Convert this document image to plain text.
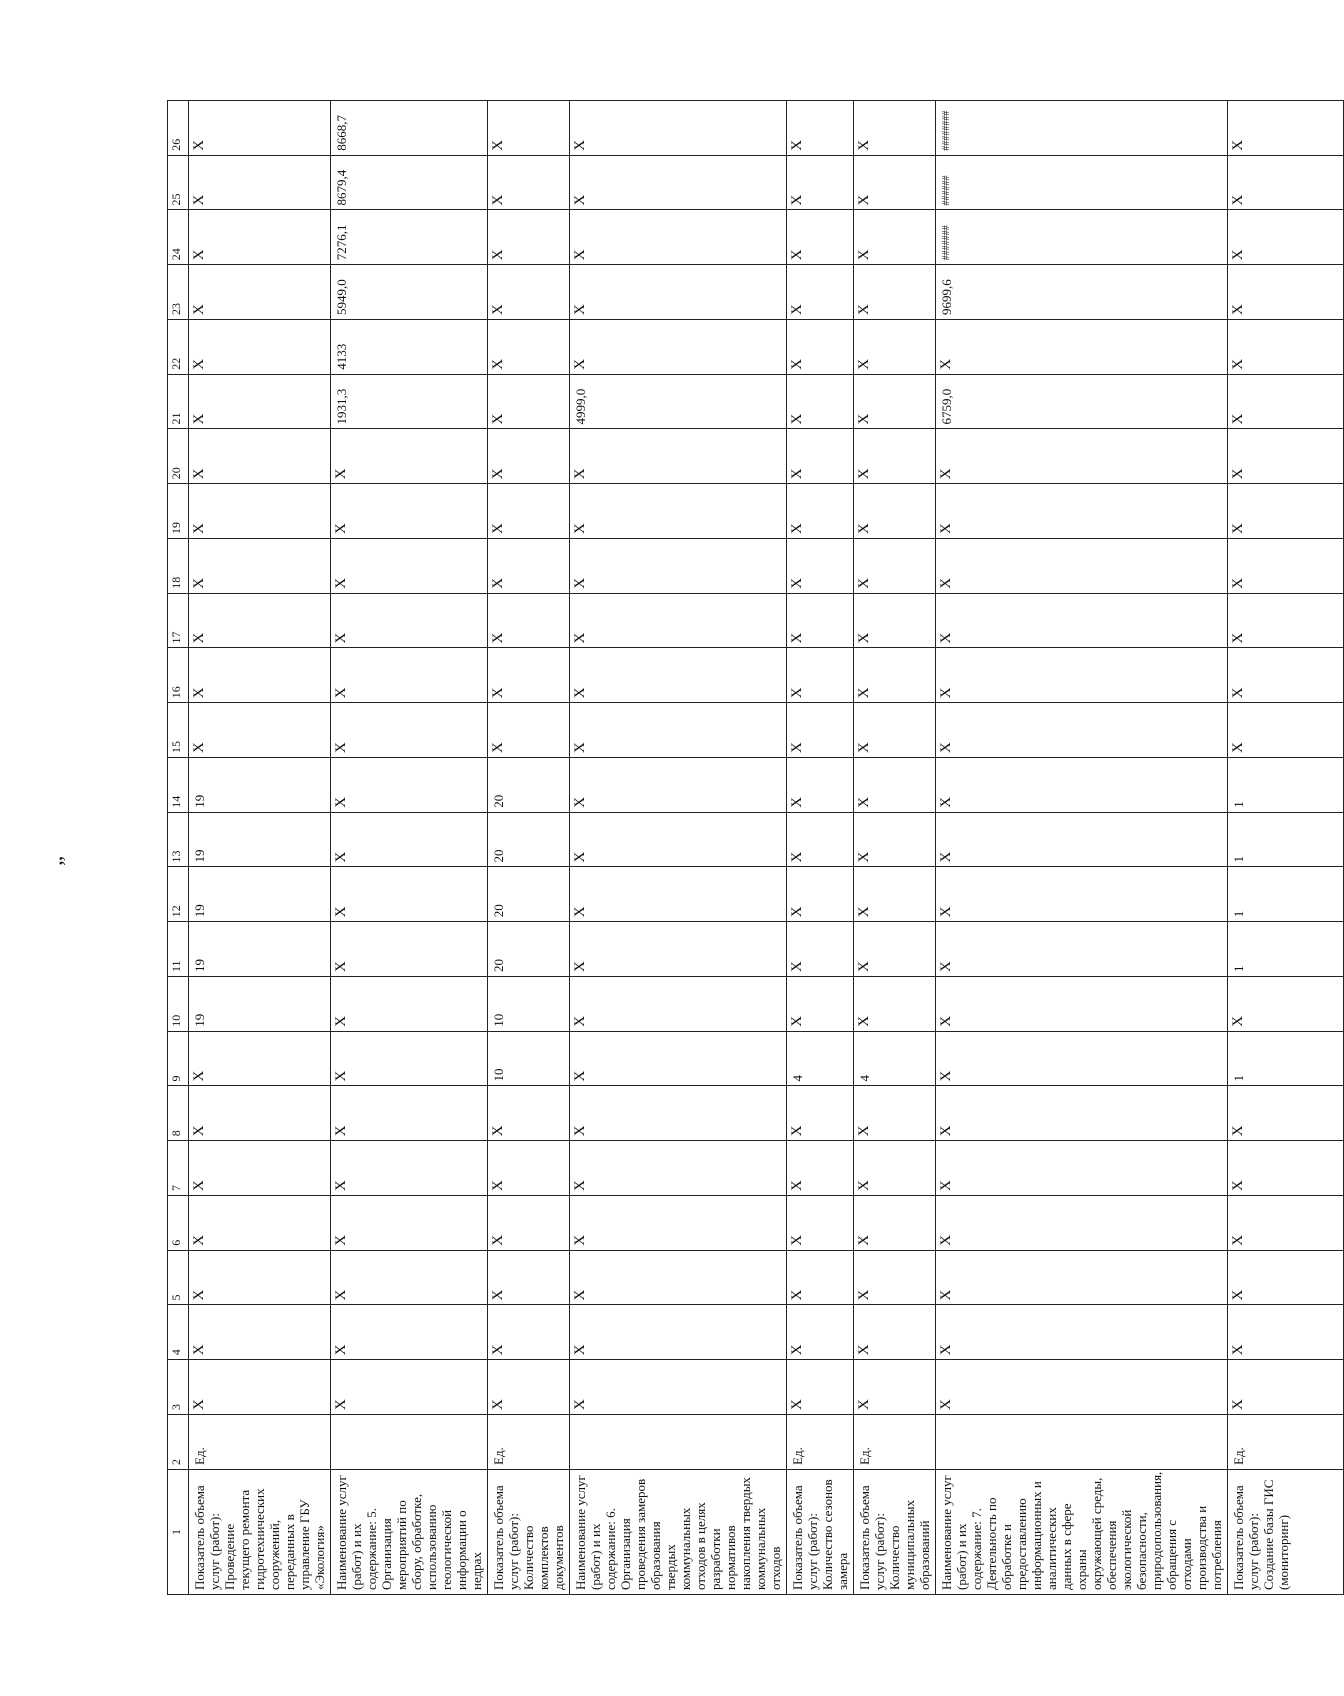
”
1	2	3	4	5	6	7	8	9	10	11	12	13	14	15	16	17	18	19	20	21	22	23	24	25	26
Показатель объема услуг (работ): Проведение текущего ремонта гидротехнических сооружений, переданных в управление ГБУ «Экология»	Ед.	X	X	X	X	X	X	X	19	19	19	19	19	X	X	X	X	X	X	X	X	X	X	X	X
Наименование услуг (работ) и их содержание: 5. Организация мероприятий по сбору, обработке, использованию геологической информации о недрах		X	X	X	X	X	X	X	X	X	X	X	X	X	X	X	X	X	X	1931,3	4133	5949,0	7276,1	8679,4	8668,7
Показатель объема услуг (работ): Количество комплектов документов	Ед.	X	X	X	X	X	X	10	10	20	20	20	20	X	X	X	X	X	X	X	X	X	X	X	X
Наименование услуг (работ) и их содержание: 6. Организация проведения замеров образования твердых коммунальных отходов в целях разработки нормативов накопления твердых коммунальных отходов		X	X	X	X	X	X	X	X	X	X	X	X	X	X	X	X	X	X	4999,0	X	X	X	X	X
Показатель объема услуг (работ): Количество сезонов замера	Ед.	X	X	X	X	X	X	4	X	X	X	X	X	X	X	X	X	X	X	X	X	X	X	X	X
Показатель объема услуг (работ): Количество муниципальных образований	Ед.	X	X	X	X	X	X	4	X	X	X	X	X	X	X	X	X	X	X	X	X	X	X	X	X
Наименование услуг (работ) и их содержание: 7. Деятельность по обработке и предоставлению информационных и аналитических данных в сфере охраны окружающей среды, обеспечения экологической безопасности, природопользования, обращения с отходами производства и потребления		X	X	X	X	X	X	X	X	X	X	X	X	X	X	X	X	X	X	6759,0	X	9699,6	#######	######	########
Показатель объема услуг (работ): Создание базы ГИС (мониторинг)	Ед.	X	X	X	X	X	X	1	X	1	1	1	1	X	X	X	X	X	X	X	X	X	X	X	X
